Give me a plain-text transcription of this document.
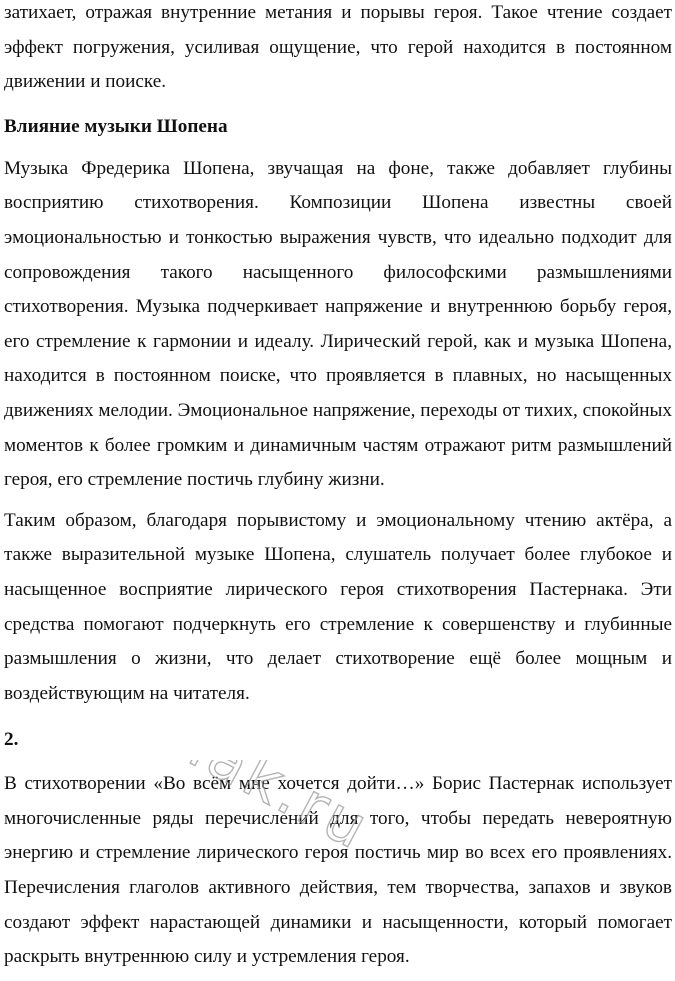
затихает, отражая внутренние метания и порывы героя. Такое чтение создает эффект погружения, усиливая ощущение, что герой находится в постоянном движении и поиске.

Влияние музыки Шопена

Музыка Фредерика Шопена, звучащая на фоне, также добавляет глубины восприятию стихотворения. Композиции Шопена известны своей эмоциональностью и тонкостью выражения чувств, что идеально подходит для сопровождения такого насыщенного философскими размышлениями стихотворения. Музыка подчеркивает напряжение и внутреннюю борьбу героя, его стремление к гармонии и идеалу. Лирический герой, как и музыка Шопена, находится в постоянном поиске, что проявляется в плавных, но насыщенных движениях мелодии. Эмоциональное напряжение, переходы от тихих, спокойных моментов к более громким и динамичным частям отражают ритм размышлений героя, его стремление постичь глубину жизни.

Таким образом, благодаря порывистому и эмоциональному чтению актёра, а также выразительной музыке Шопена, слушатель получает более глубокое и насыщенное восприятие лирического героя стихотворения Пастернака. Эти средства помогают подчеркнуть его стремление к совершенству и глубинные размышления о жизни, что делает стихотворение ещё более мощным и воздействующим на читателя.

2.

В стихотворении «Во всём мне хочется дойти…» Борис Пастернак использует многочисленные ряды перечислений для того, чтобы передать невероятную энергию и стремление лирического героя постичь мир во всех его проявлениях. Перечисления глаголов активного действия, тем творчества, запахов и звуков создают эффект нарастающей динамики и насыщенности, который помогает раскрыть внутреннюю силу и устремления героя.
